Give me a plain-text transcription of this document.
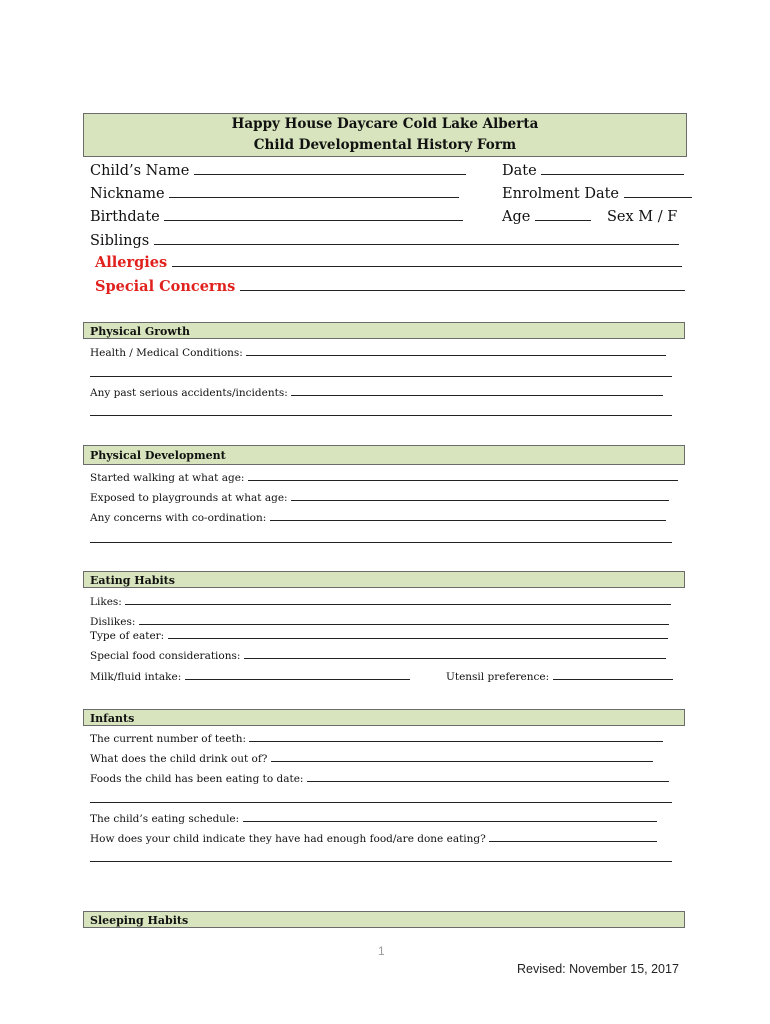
Happy House Daycare Cold Lake Alberta
Child Developmental History Form
Child’s Name	Date
Nickname	Enrolment Date
Birthdate	Age	Sex M / F
Siblings
Allergies
Special Concerns
Physical Growth
Health / Medical Conditions:
Any past serious accidents/incidents:
Physical Development
Started walking at what age:
Exposed to playgrounds at what age:
Any concerns with co-ordination:
Eating Habits
Likes:
Dislikes:
Type of eater:
Special food considerations:
Milk/fluid intake:	Utensil preference:
Infants
The current number of teeth:
What does the child drink out of?
Foods the child has been eating to date:
The child’s eating schedule:
How does your child indicate they have had enough food/are done eating?
Sleeping Habits
1
Revised: November 15, 2017
